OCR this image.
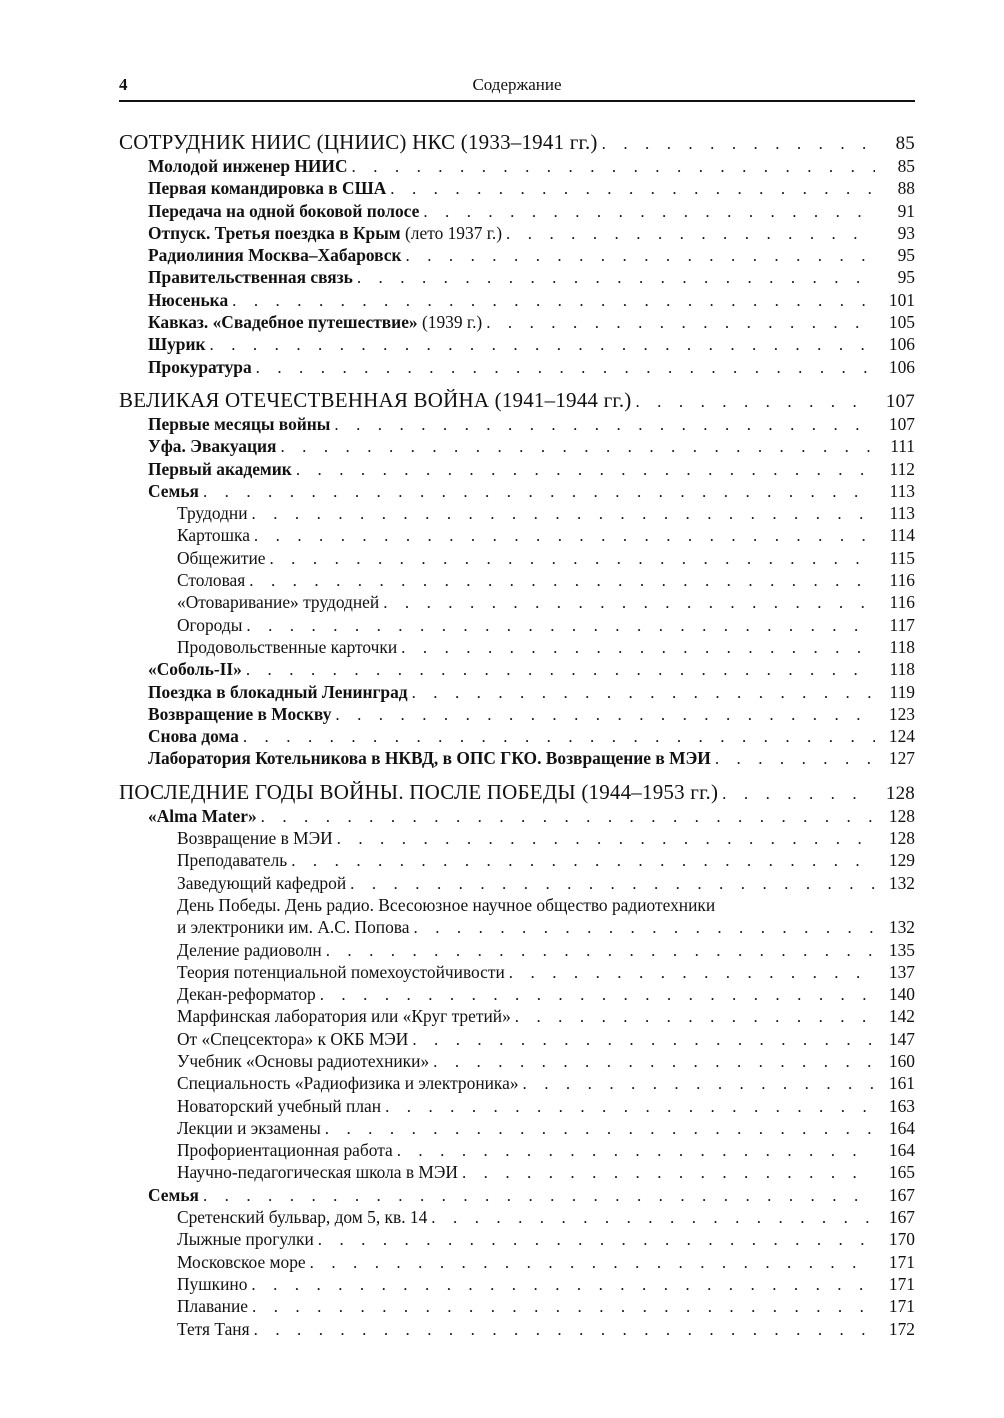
4	Содержание
СОТРУДНИК НИИС (ЦНИИС) НКС (1933–1941 гг.) . . .	85
Молодой инженер НИИС . . .	85
Первая командировка в США . . .	88
Передача на одной боковой полосе . . .	91
Отпуск. Третья поездка в Крым (лето 1937 г.) . . .	93
Радиолиния Москва–Хабаровск . . .	95
Правительственная связь . . .	95
Нюсенька . . .	101
Кавказ. «Свадебное путешествие» (1939 г.) . . .	105
Шурик . . .	106
Прокуратура . . .	106
ВЕЛИКАЯ ОТЕЧЕСТВЕННАЯ ВОЙНА (1941–1944 гг.) . . .	107
Первые месяцы войны . . .	107
Уфа. Эвакуация . . .	111
Первый академик . . .	112
Семья . . .	113
Трудодни . . .	113
Картошка . . .	114
Общежитие . . .	115
Столовая . . .	116
«Отоваривание» трудодней . . .	116
Огороды . . .	117
Продовольственные карточки . . .	118
«Соболь-II» . . .	118
Поездка в блокадный Ленинград . . .	119
Возвращение в Москву . . .	123
Снова дома . . .	124
Лаборатория Котельникова в НКВД, в ОПС ГКО. Возвращение в МЭИ . . .	127
ПОСЛЕДНИЕ ГОДЫ ВОЙНЫ. ПОСЛЕ ПОБЕДЫ (1944–1953 гг.) . . .	128
«Alma Mater» . . .	128
Возвращение в МЭИ . . .	128
Преподаватель . . .	129
Заведующий кафедрой . . .	132
День Победы. День радио. Всесоюзное научное общество радиотехники
и электроники им. А.С. Попова . . .	132
Деление радиоволн . . .	135
Теория потенциальной помехоустойчивости . . .	137
Декан-реформатор . . .	140
Марфинская лаборатория или «Круг третий» . . .	142
От «Спецсектора» к ОКБ МЭИ . . .	147
Учебник «Основы радиотехники» . . .	160
Специальность «Радиофизика и электроника» . . .	161
Новаторский учебный план . . .	163
Лекции и экзамены . . .	164
Профориентационная работа . . .	164
Научно-педагогическая школа в МЭИ . . .	165
Семья . . .	167
Сретенский бульвар, дом 5, кв. 14 . . .	167
Лыжные прогулки . . .	170
Московское море . . .	171
Пушкино . . .	171
Плавание . . .	171
Тетя Таня . . .	172
